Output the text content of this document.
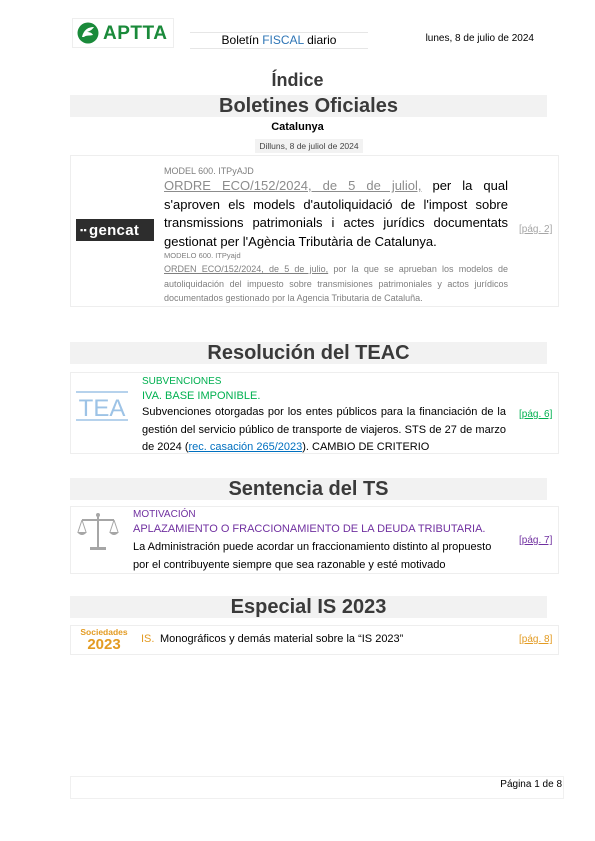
APTTA	Boletín FISCAL diario	lunes, 8 de julio de 2024
Índice
Boletines Oficiales
Catalunya
Dilluns, 8 de juliol de 2024
▪▪ gencat
MODEL 600. ITPyAJD
ORDRE ECO/152/2024, de 5 de juliol, per la qual s'aproven els models d'autoliquidació de l'impost sobre transmissions patrimonials i actes jurídics documentats gestionat per l'Agència Tributària de Catalunya.
MODELO 600. ITPyajd
ORDEN ECO/152/2024, de 5 de julio, por la que se aprueban los modelos de autoliquidación del impuesto sobre transmisiones patrimoniales y actos jurídicos documentados gestionado por la Agencia Tributaria de Cataluña.
[pág. 2]
Resolución del TEAC
TEA
SUBVENCIONES
IVA. BASE IMPONIBLE.
Subvenciones otorgadas por los entes públicos para la financiación de la gestión del servicio público de transporte de viajeros. STS de 27 de marzo de 2024 (rec. casación 265/2023). CAMBIO DE CRITERIO
[pág. 6]
Sentencia del TS
MOTIVACIÓN
APLAZAMIENTO O FRACCIONAMIENTO DE LA DEUDA TRIBUTARIA.
La Administración puede acordar un fraccionamiento distinto al propuesto por el contribuyente siempre que sea razonable y esté motivado
[pág. 7]
Especial IS 2023
Sociedades
2023	IS. Monográficos y demás material sobre la “IS 2023”	[pág. 8]
Página 1 de 8
